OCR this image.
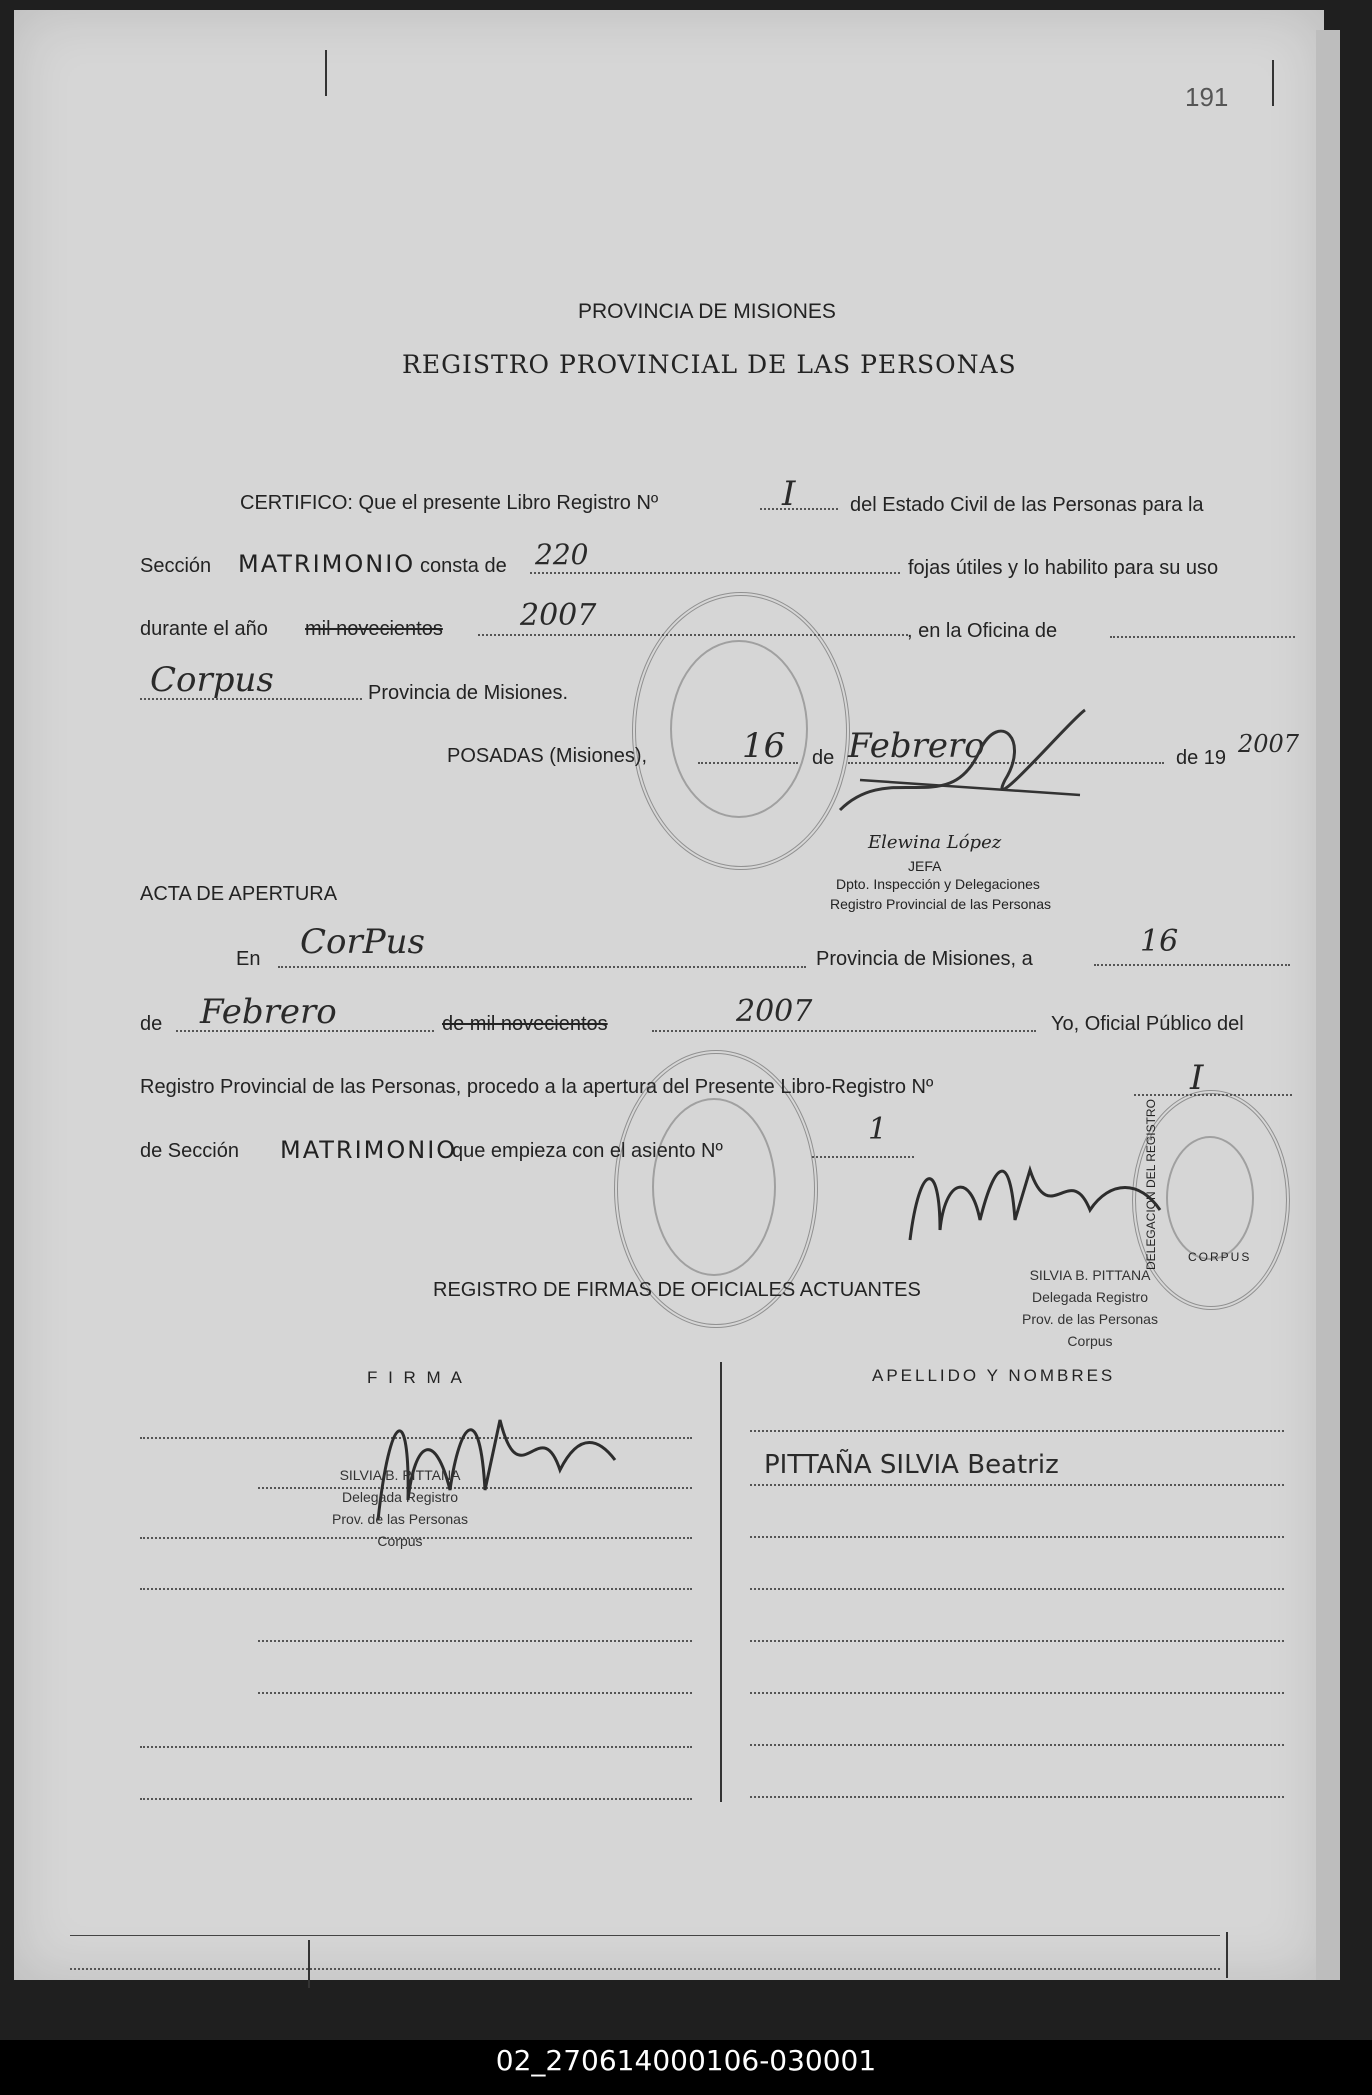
191
PROVINCIA DE MISIONES
REGISTRO PROVINCIAL DE LAS PERSONAS
CERTIFICO: Que el presente Libro Registro Nº	I	del Estado Civil de las Personas para la
Sección MATRIMONIO consta de 220	fojas útiles y lo habilito para su uso
durante el año mil novecientos	2007	, en la Oficina de
Corpus	Provincia de Misiones.
POSADAS (Misiones),	16 de Febrero	de 19 2007
Elewina López
JEFA
Dpto. Inspección y Delegaciones
Registro Provincial de las Personas
ACTA DE APERTURA
En CorPus	Provincia de Misiones, a	16
de Febrero	de mil novecientos	2007	Yo, Oficial Público del
Registro Provincial de las Personas, procedo a la apertura del Presente Libro-Registro Nº	I
de Sección MATRIMONIO
que empieza con el asiento Nº
1	DELEGACION DEL REGISTRO	CORPUS
SILVIA B. PITTANA
Delegada Registro
Prov. de las Personas
Corpus
REGISTRO DE FIRMAS DE OFICIALES ACTUANTES
F I R M A	APELLIDO Y NOMBRES
PITTAÑA SILVIA Beatriz
SILVIA B. PITTANA
Delegada Registro
Prov. de las Personas
Corpus
02_270614000106-030001
